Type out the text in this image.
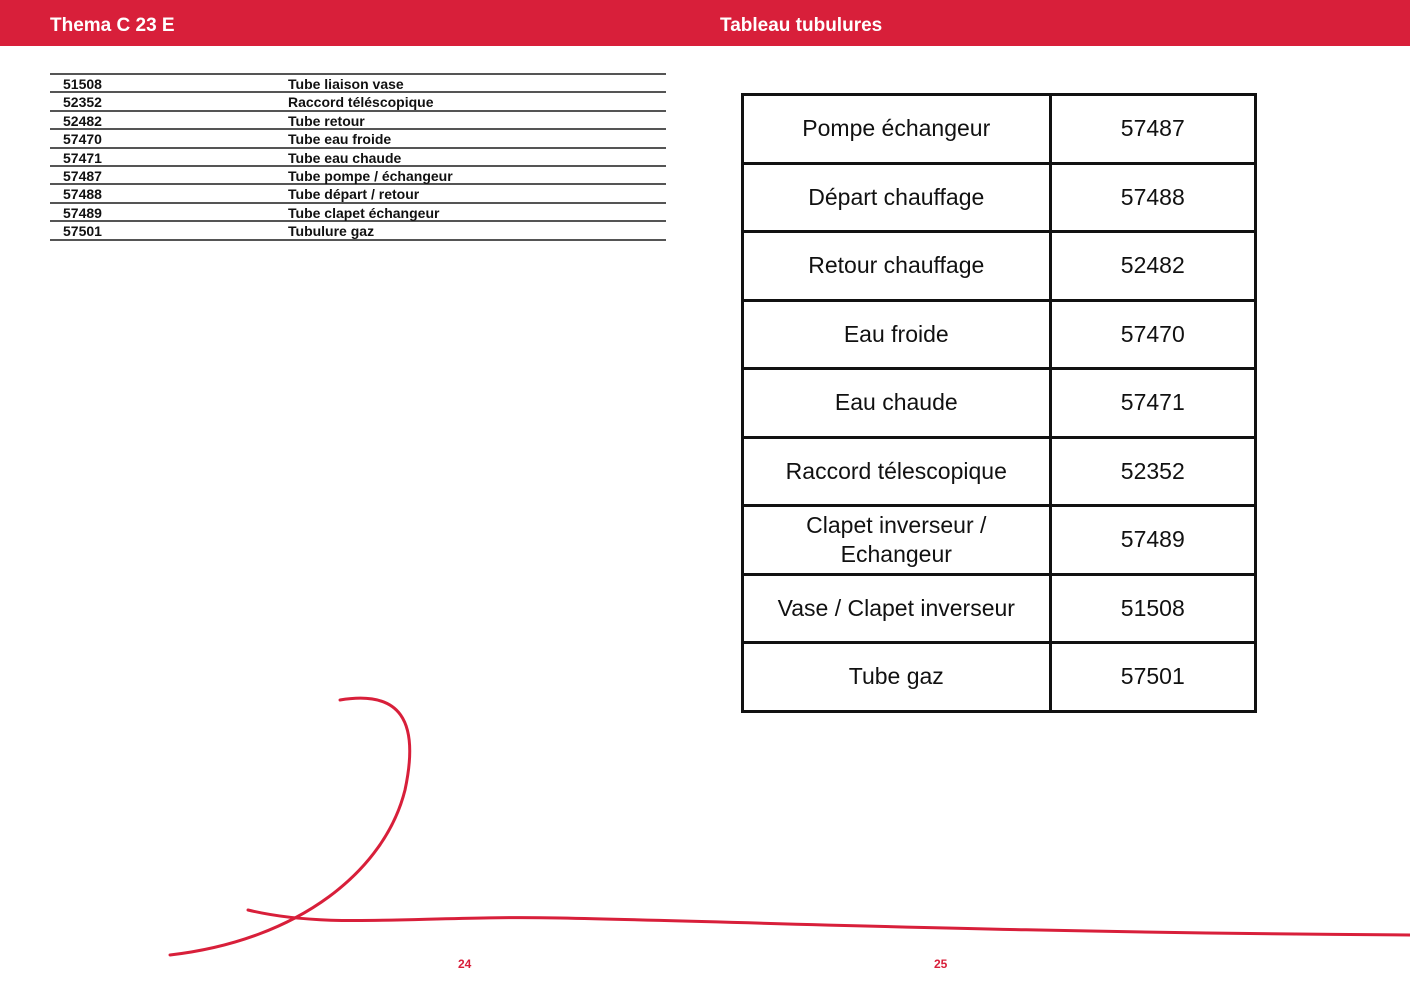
Thema C 23 E	Tableau tubulures
51508	Tube liaison vase
52352	Raccord téléscopique
52482	Tube retour
57470	Tube eau froide
57471	Tube eau chaude
57487	Tube pompe / échangeur
57488	Tube départ / retour
57489	Tube clapet échangeur
57501	Tubulure gaz
Pompe échangeur	57487
Départ chauffage	57488
Retour chauffage	52482
Eau froide	57470
Eau chaude	57471
Raccord télescopique	52352
Clapet inverseur / Echangeur	57489
Vase / Clapet inverseur	51508
Tube gaz	57501
24	25
